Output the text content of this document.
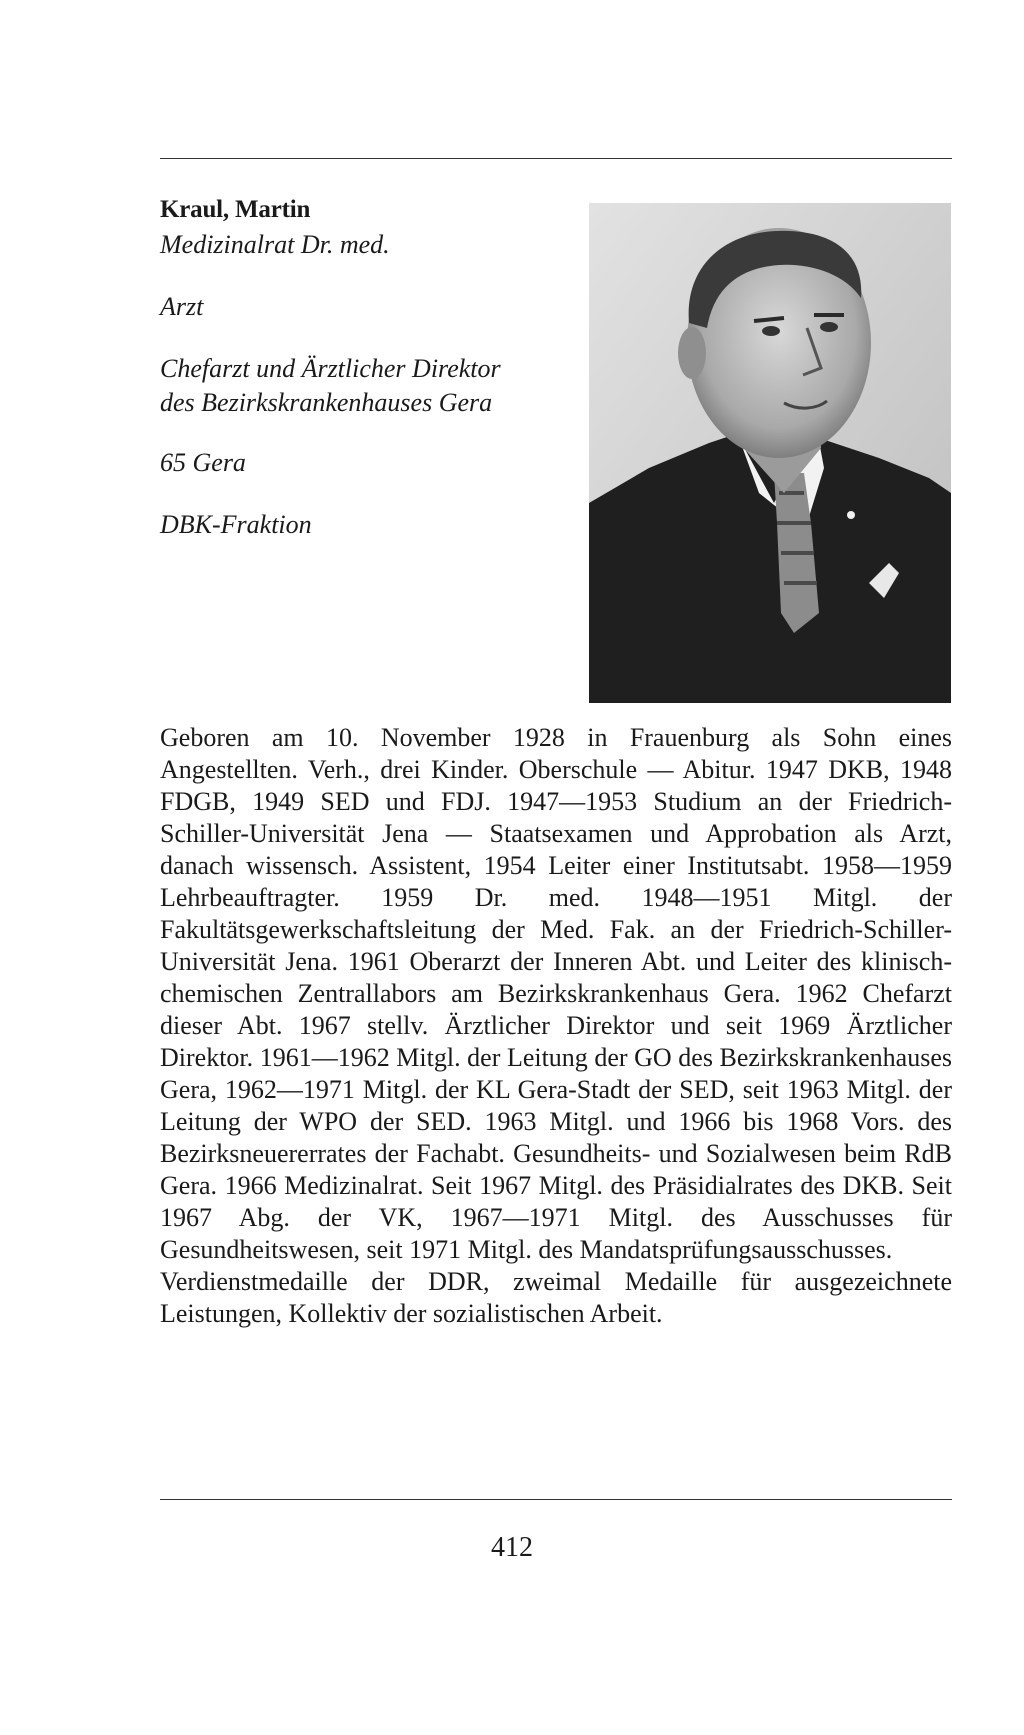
Kraul, Martin

Medizinalrat Dr. med.

Arzt
Chefarzt und Ärztlicher Direktor
des Bezirkskrankenhauses Gera
65 Gera
DBK-Fraktion

Geboren am 10. November 1928 in Frauenburg als Sohn eines Angestellten. Verh., drei Kinder. Oberschule — Abitur. 1947 DKB, 1948 FDGB, 1949 SED und FDJ. 1947—1953 Studium an der Friedrich-Schiller-Universität Jena — Staatsexamen und Approbation als Arzt, danach wissensch. Assistent, 1954 Leiter einer Institutsabt. 1958—1959 Lehrbeauftragter. 1959 Dr. med. 1948—1951 Mitgl. der Fakultätsgewerkschaftsleitung der Med. Fak. an der Friedrich-Schiller-Universität Jena. 1961 Oberarzt der Inneren Abt. und Leiter des klinisch-chemischen Zentrallabors am Bezirkskrankenhaus Gera. 1962 Chefarzt dieser Abt. 1967 stellv. Ärztlicher Direktor und seit 1969 Ärztlicher Direktor. 1961—1962 Mitgl. der Leitung der GO des Bezirkskrankenhauses Gera, 1962—1971 Mitgl. der KL Gera-Stadt der SED, seit 1963 Mitgl. der Leitung der WPO der SED. 1963 Mitgl. und 1966 bis 1968 Vors. des Bezirksneuererrates der Fachabt. Gesundheits- und Sozialwesen beim RdB Gera. 1966 Medizinalrat. Seit 1967 Mitgl. des Präsidialrates des DKB. Seit 1967 Abg. der VK, 1967—1971 Mitgl. des Ausschusses für Gesundheitswesen, seit 1971 Mitgl. des Mandatsprüfungsausschusses.

Verdienstmedaille der DDR, zweimal Medaille für ausgezeichnete Leistungen, Kollektiv der sozialistischen Arbeit.

412
